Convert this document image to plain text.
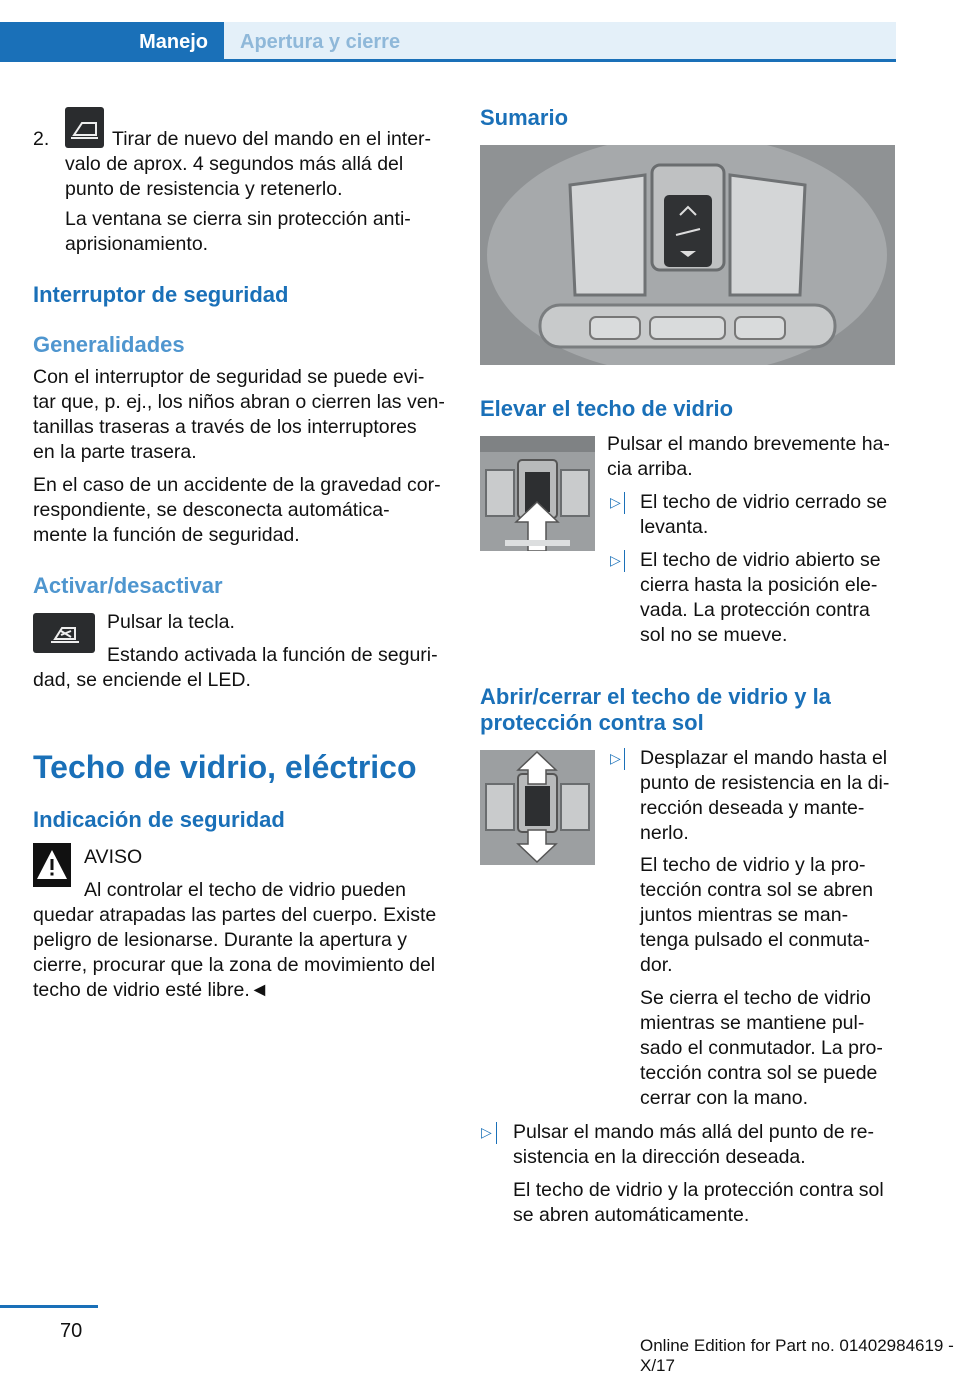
Manejo Apertura y cierre
2.	Tirar de nuevo del mando en el inter‐
valo de aprox. 4 segundos más allá del
punto de resistencia y retenerlo.
La ventana se cierra sin protección anti‐
aprisionamiento.
Interruptor de seguridad
Generalidades
Con el interruptor de seguridad se puede evi‐
tar que, p. ej., los niños abran o cierren las ven‐
tanillas traseras a través de los interruptores
en la parte trasera.
En el caso de un accidente de la gravedad cor‐
respondiente, se desconecta automática‐
mente la función de seguridad.
Activar/desactivar
Pulsar la tecla.
Estando activada la función de seguri‐
dad, se enciende el LED.
Techo de vidrio, eléctrico
Indicación de seguridad
AVISO
Al controlar el techo de vidrio pueden
quedar atrapadas las partes del cuerpo. Existe
peligro de lesionarse. Durante la apertura y
cierre, procurar que la zona de movimiento del
techo de vidrio esté libre.◄
Sumario
Elevar el techo de vidrio
Pulsar el mando brevemente ha‐
cia arriba.
▷ El techo de vidrio cerrado se
levanta.
▷ El techo de vidrio abierto se
cierra hasta la posición ele‐
vada. La protección contra
sol no se mueve.
Abrir/cerrar el techo de vidrio y la
protección contra sol
▷ Desplazar el mando hasta el
punto de resistencia en la di‐
rección deseada y mante‐
nerlo.
El techo de vidrio y la pro‐
tección contra sol se abren
juntos mientras se man‐
tenga pulsado el conmuta‐
dor.
Se cierra el techo de vidrio
mientras se mantiene pul‐
sado el conmutador. La pro‐
tección contra sol se puede
cerrar con la mano.
▷ Pulsar el mando más allá del punto de re‐
sistencia en la dirección deseada.
El techo de vidrio y la protección contra sol
se abren automáticamente.
70
Online Edition for Part no. 01402984619 - X/17
